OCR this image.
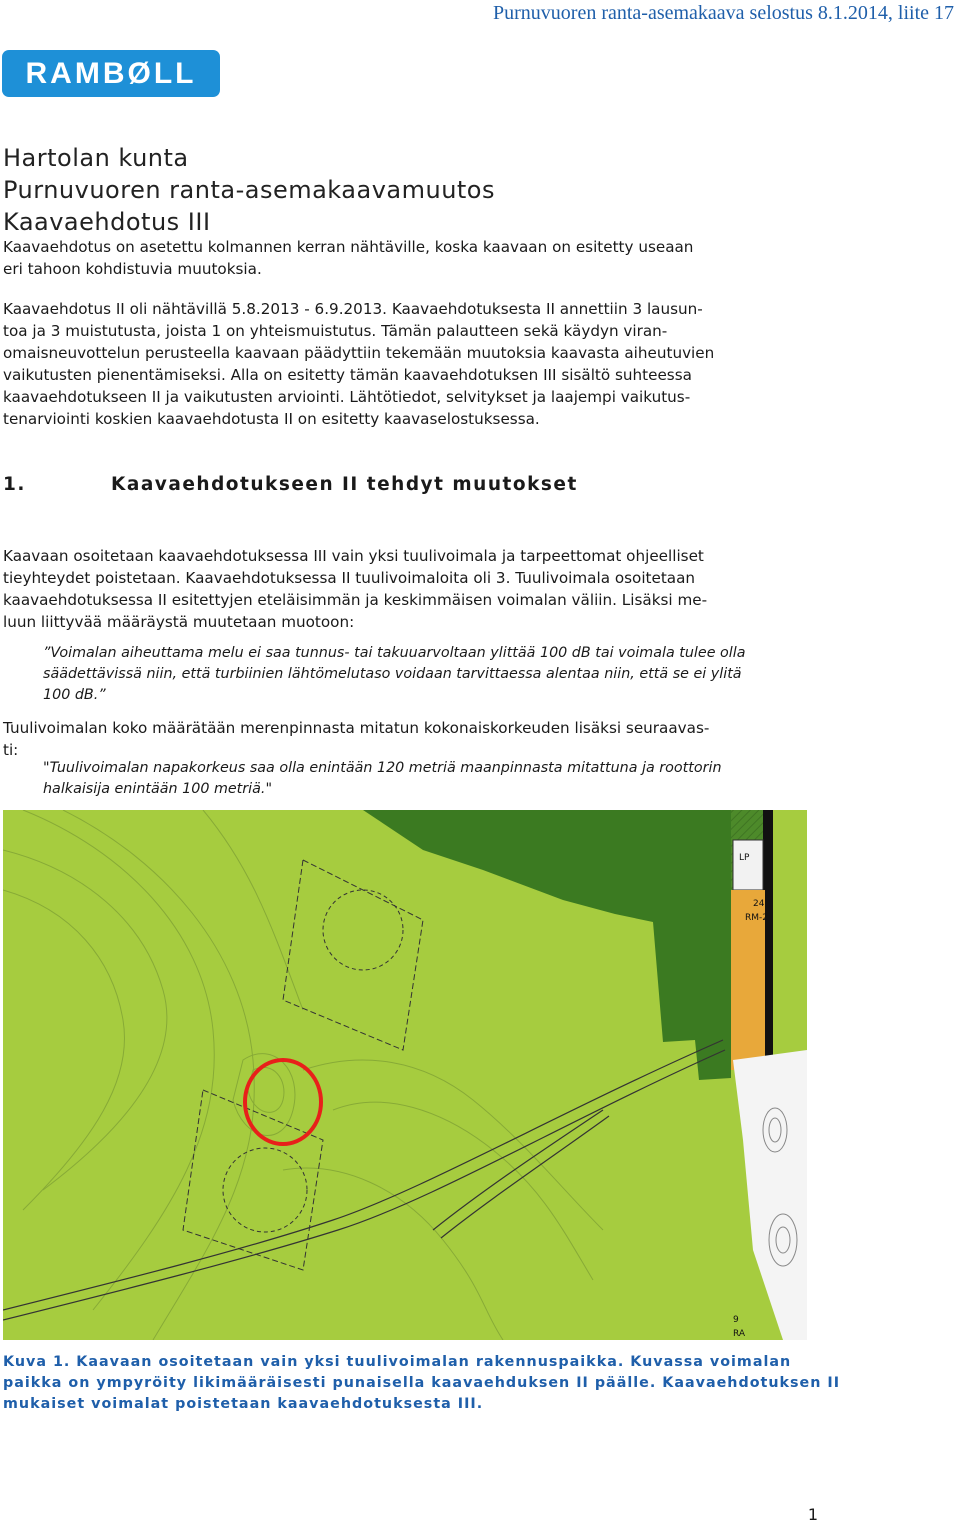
Purnuvuoren ranta-asemakaava selostus 8.1.2014, liite 17
RAMBØLL
Hartolan kunta
Purnuvuoren ranta-asemakaavamuutos
Kaavaehdotus III

Kaavaehdotus on asetettu kolmannen kerran nähtäville, koska kaavaan on esitetty useaan

eri tahoon kohdistuvia muutoksia.

Kaavaehdotus II oli nähtävillä 5.8.2013 - 6.9.2013. Kaavaehdotuksesta II annettiin 3 lausun-

toa ja 3 muistutusta, joista 1 on yhteismuistutus. Tämän palautteen sekä käydyn viran-

omaisneuvottelun perusteella kaavaan päädyttiin tekemään muutoksia kaavasta aiheutuvien

vaikutusten pienentämiseksi. Alla on esitetty tämän kaavaehdotuksen III sisältö suhteessa

kaavaehdotukseen II ja vaikutusten arviointi. Lähtötiedot, selvitykset ja laajempi vaikutus-

tenarviointi koskien kaavaehdotusta II on esitetty kaavaselostuksessa.

1.	Kaavaehdotukseen II tehdyt muutokset

Kaavaan osoitetaan kaavaehdotuksessa III vain yksi tuulivoimala ja tarpeettomat ohjeelliset

tieyhteydet poistetaan. Kaavaehdotuksessa II tuulivoimaloita oli 3. Tuulivoimala osoitetaan

kaavaehdotuksessa II esitettyjen eteläisimmän ja keskimmäisen voimalan väliin. Lisäksi me-

luun liittyvää määräystä muutetaan muotoon:

”Voimalan aiheuttama melu ei saa tunnus- tai takuuarvoltaan ylittää 100 dB tai voimala tulee olla
säädettävissä niin, että turbiinien lähtömelutaso voidaan tarvittaessa alentaa niin, että se ei ylitä
100 dB.”

Tuulivoimalan koko määrätään merenpinnasta mitatun kokonaiskorkeuden lisäksi seuraavas-

ti:

"Tuulivoimalan napakorkeus saa olla enintään 120 metriä maanpinnasta mitattuna ja roottorin
halkaisija enintään 100 metriä."
LP
24
RM-2
9
RA
Kuva 1. Kaavaan osoitetaan vain yksi tuulivoimalan rakennuspaikka. Kuvassa voimalan
paikka on ympyröity likimääräisesti punaisella kaavaehduksen II päälle. Kaavaehdotuksen II
mukaiset voimalat poistetaan kaavaehdotuksesta III.
1
